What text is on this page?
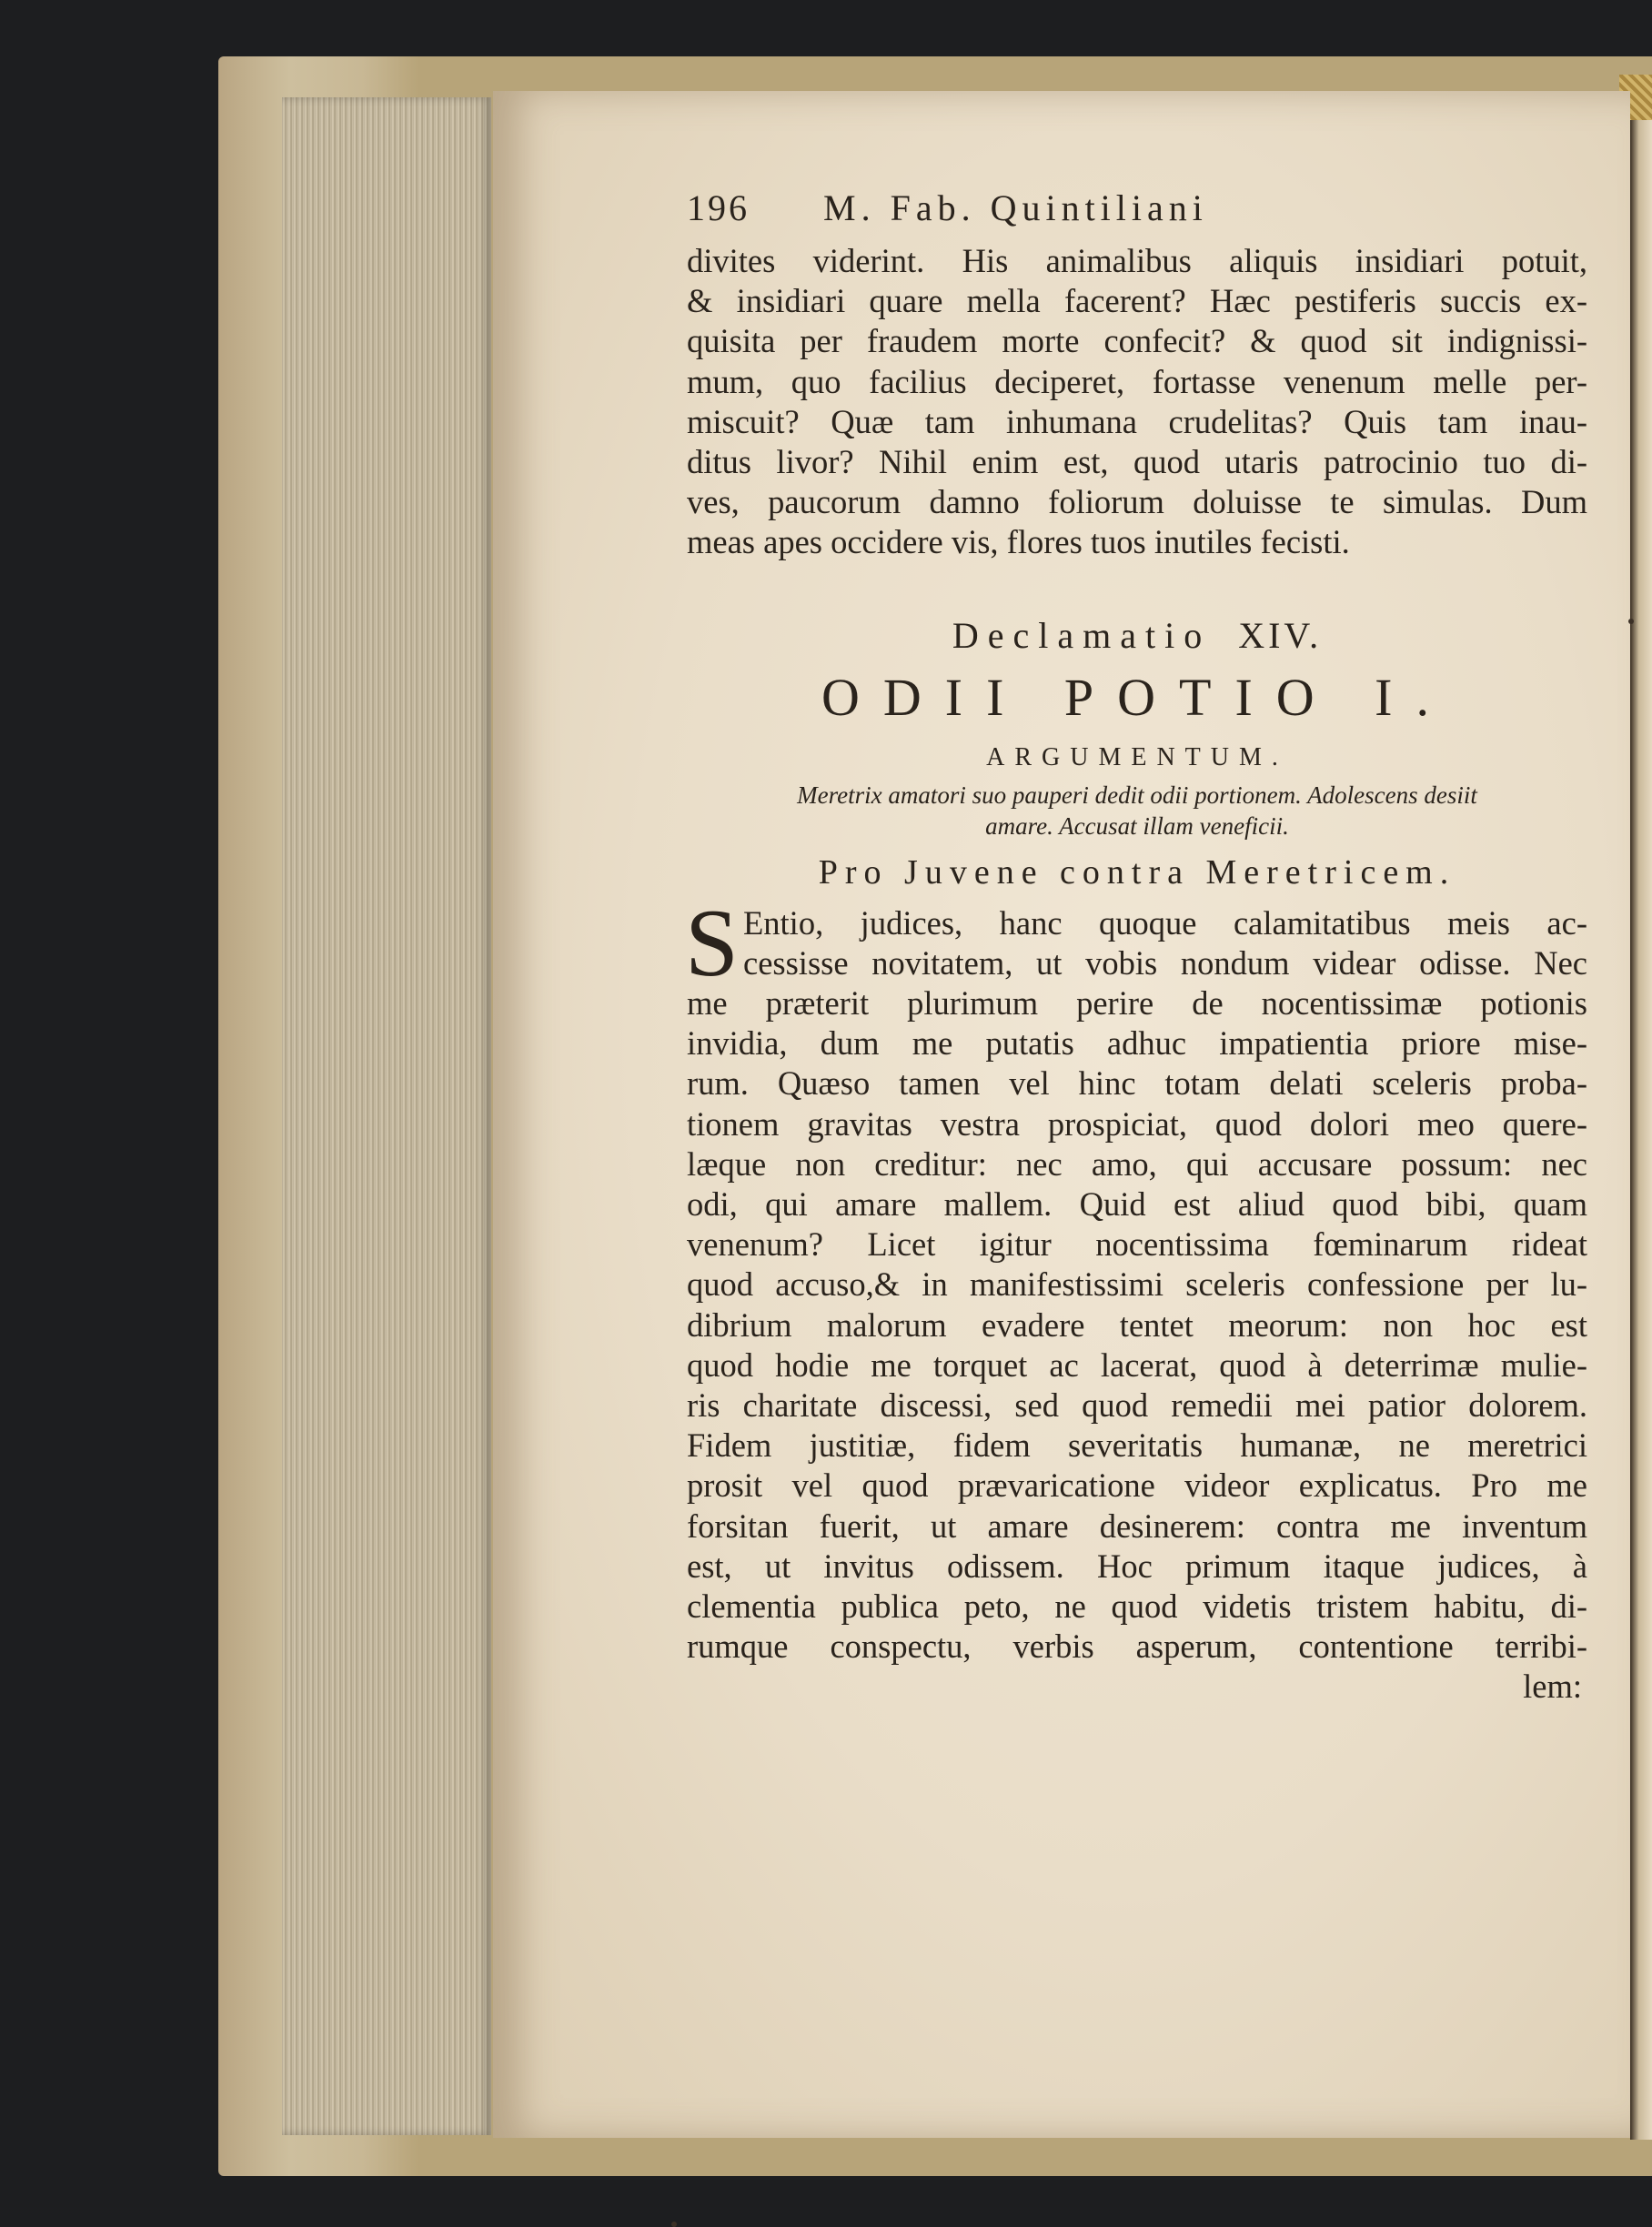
196	M. Fab. Quintiliani
divites viderint. His animalibus aliquis insidiari potuit,
& insidiari quare mella facerent? Hæc pestiferis succis ex-
quisita per fraudem morte confecit? & quod sit indignissi-
mum, quo facilius deciperet, fortasse venenum melle per-
miscuit? Quæ tam inhumana crudelitas? Quis tam inau-
ditus livor? Nihil enim est, quod utaris patrocinio tuo di-
ves, paucorum damno foliorum doluisse te simulas. Dum
meas apes occidere vis, flores tuos inutiles fecisti.
Declamatio XIV.
ODII POTIO I.
ARGUMENTUM.
Meretrix amatori suo pauperi dedit odii portionem. Adolescens desiit
amare. Accusat illam veneficii.
Pro Juvene contra Meretricem.
S Entio, judices, hanc quoque calamitatibus meis ac-
cessisse novitatem, ut vobis nondum videar odisse. Nec
me præterit plurimum perire de nocentissimæ potionis
invidia, dum me putatis adhuc impatientia priore mise-
rum. Quæso tamen vel hinc totam delati sceleris proba-
tionem gravitas vestra prospiciat, quod dolori meo quere-
læque non creditur: nec amo, qui accusare possum: nec
odi, qui amare mallem. Quid est aliud quod bibi, quam
venenum? Licet igitur nocentissima fœminarum rideat
quod accuso,& in manifestissimi sceleris confessione per lu-
dibrium malorum evadere tentet meorum: non hoc est
quod hodie me torquet ac lacerat, quod à deterrimæ mulie-
ris charitate discessi, sed quod remedii mei patior dolorem.
Fidem justitiæ, fidem severitatis humanæ, ne meretrici
prosit vel quod prævaricatione videor explicatus. Pro me
forsitan fuerit, ut amare desinerem: contra me inventum
est, ut invitus odissem. Hoc primum itaque judices, à
clementia publica peto, ne quod videtis tristem habitu, di-
rumque conspectu, verbis asperum, contentione terribi-
lem:
